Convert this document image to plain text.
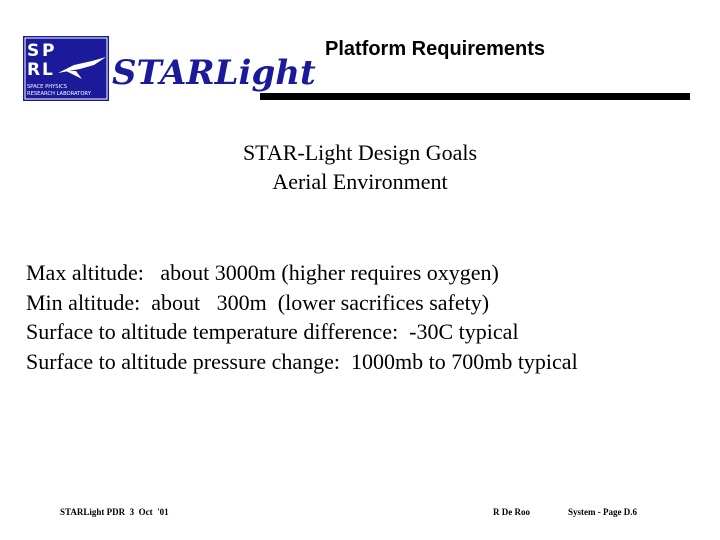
S P
R L
SPACE PHYSICS
RESEARCH LABORATORY
STARLight
Platform Requirements
STAR-Light Design Goals
Aerial Environment
Max altitude:   about 3000m (higher requires oxygen)
Min altitude:  about   300m  (lower sacrifices safety)
Surface to altitude temperature difference:  -30C typical
Surface to altitude pressure change:  1000mb to 700mb typical
STARLight PDR  3  Oct  '01	R De Roo	System - Page D.6
